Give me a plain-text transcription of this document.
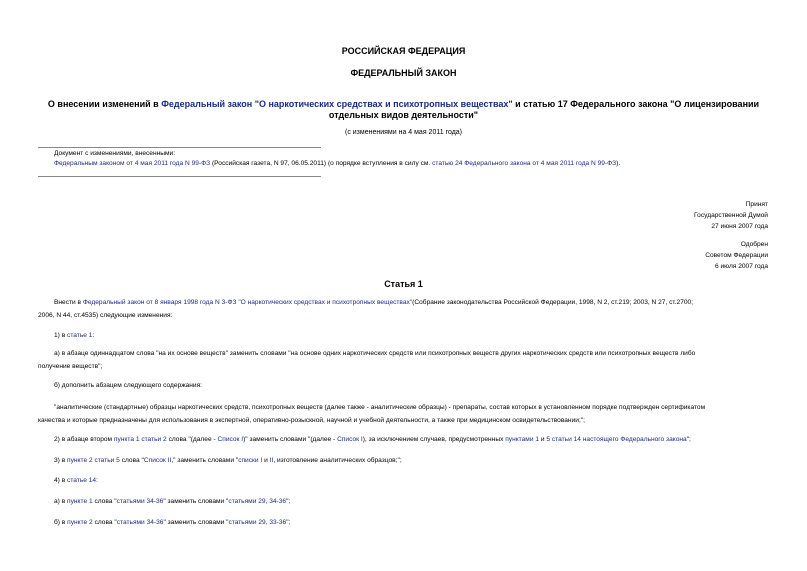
РОССИЙСКАЯ ФЕДЕРАЦИЯ
ФЕДЕРАЛЬНЫЙ ЗАКОН
О внесении изменений в Федеральный закон "О наркотических средствах и психотропных веществах" и статью 17 Федерального закона "О лицензировании отдельных видов деятельности"
(с изменениями на 4 мая 2011 года)
Документ с изменениями, внесенными:
Федеральным законом от 4 мая 2011 года N 99-ФЗ (Российская газета, N 97, 06.05.2011) (о порядке вступления в силу см. статью 24 Федерального закона от 4 мая 2011 года N 99-ФЗ).
Принят
Государственной Думой
27 июня 2007 года
Одобрен
Советом Федерации
6 июля 2007 года
Статья 1
Внести в Федеральный закон от 8 января 1998 года N 3-ФЗ "О наркотических средствах и психотропных веществах"(Собрание законодательства Российской Федерации, 1998, N 2, ст.219; 2003, N 27, ст.2700;
2006, N 44, ст.4535) следующие изменения:
1) в статье 1:
а) в абзаце одиннадцатом слова "на их основе веществ" заменить словами "на основе одних наркотических средств или психотропных веществ других наркотических средств или психотропных веществ либо
получение веществ";
б) дополнить абзацем следующего содержания:
"аналитические (стандартные) образцы наркотических средств, психотропных веществ (далее также - аналитические образцы) - препараты, состав которых в установленном порядке подтвержден сертификатом
качества и которые предназначены для использования в экспертной, оперативно-розыскной, научной и учебной деятельности, а также при медицинском освидетельствовании;";
2) в абзаце втором пункта 1 статьи 2 слова "(далее - Список I)" заменить словами "(далее - Список I), за исключением случаев, предусмотренных пунктами 1 и 5 статьи 14 настоящего Федерального закона";
3) в пункте 2 статьи 5 слова "Список II," заменить словами "списки I и II, изготовление аналитических образцов;";
4) в статье 14:
а) в пункте 1 слова "статьями 34-36" заменить словами "статьями 29, 34-36";
б) в пункте 2 слова "статьями 34-36" заменить словами "статьями 29, 33-36";
